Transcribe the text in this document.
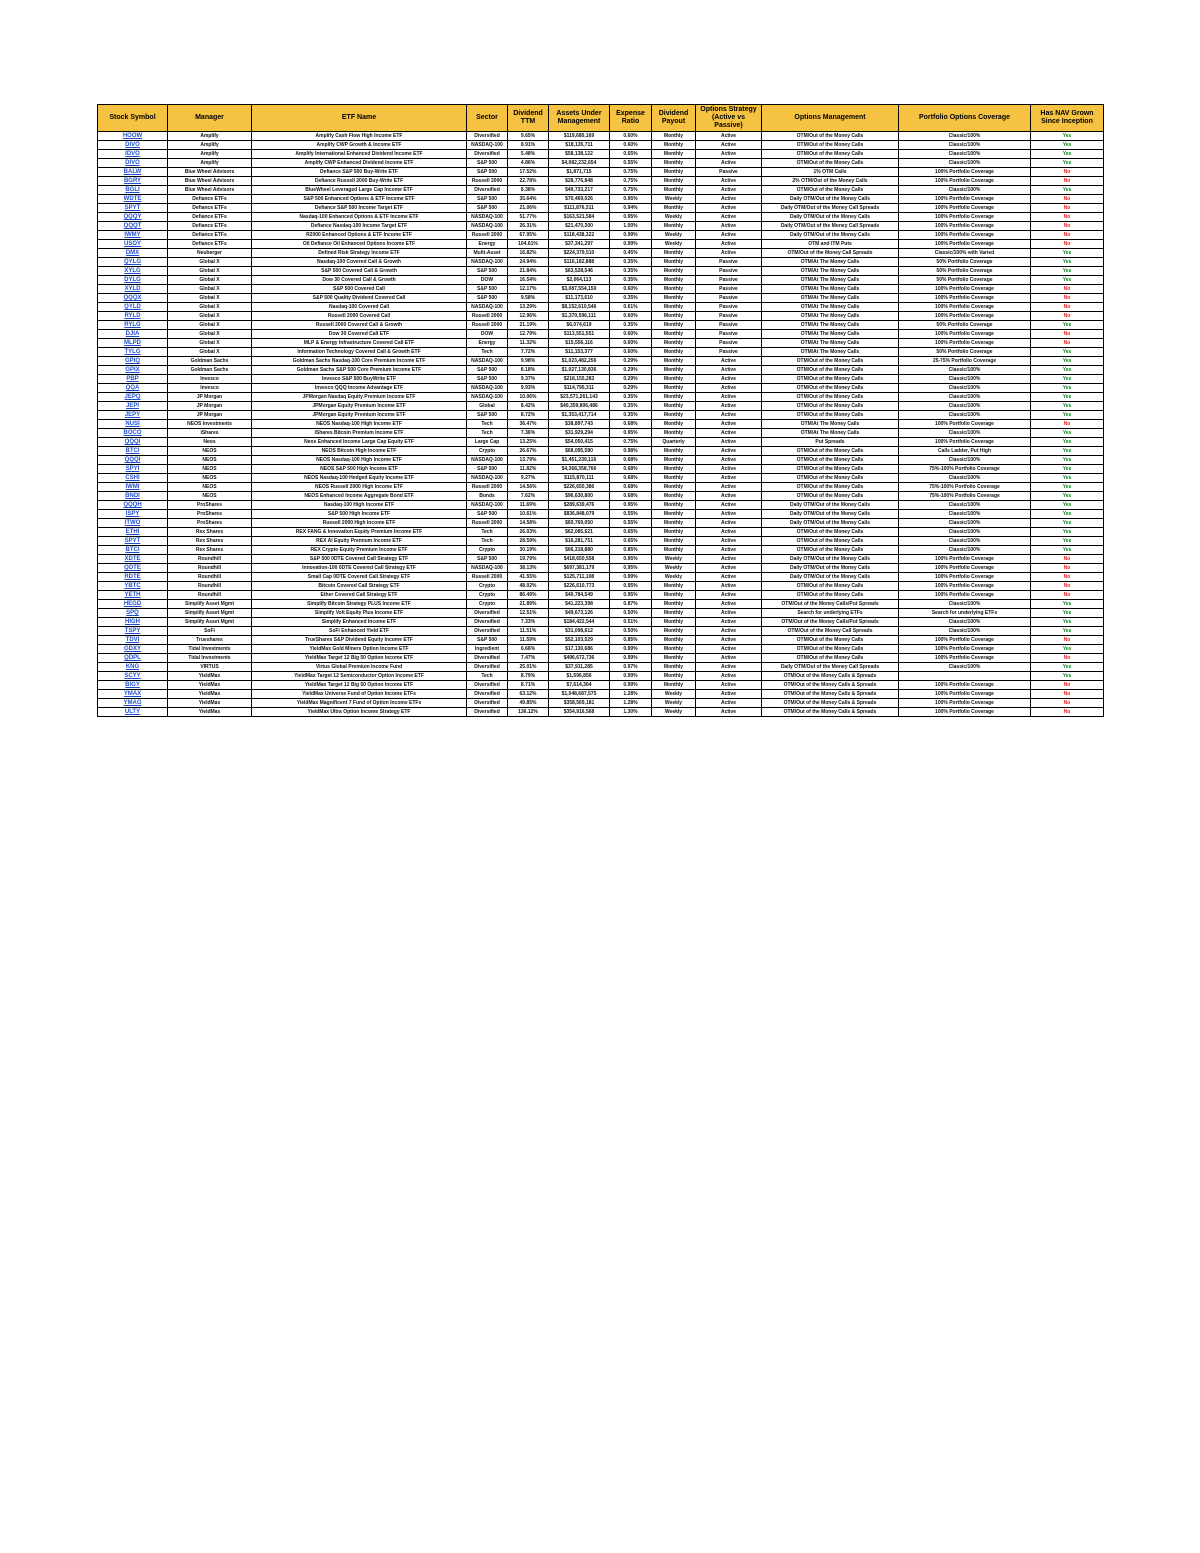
Stock Symbol	Manager	ETF Name	Sector	Dividend TTM	Assets Under Management	Expense Ratio	Dividend Payout	Options Strategy (Active vs Passive)	Options Management	Portfolio Options Coverage	Has NAV Grown Since Inception
HOOW	Amplify	Amplify Cash Flow High Income ETF	Diversified	9.65%	$119,680,169	0.60%	Monthly	Active	OTM/Out of the Money Calls	Classic/100%	Yes
DIVO	Amplify	Amplify CWP Growth & Income ETF	NASDAQ-100	8.91%	$18,135,711	0.60%	Monthly	Active	OTM/Out of the Money Calls	Classic/100%	Yes
IDVO	Amplify	Amplify International Enhanced Dividend Income ETF	Diversified	5.48%	$58,138,122	0.65%	Monthly	Active	OTM/Out of the Money Calls	Classic/100%	Yes
DIVO	Amplify	Amplify CWP Enhanced Dividend Income ETF	S&P 500	4.86%	$4,082,232,654	0.55%	Monthly	Active	OTM/Out of the Money Calls	Classic/100%	Yes
BALW	Blue Wheel Advisors	Defiance S&P 500 Buy-Write ETF	S&P 500	17.52%	$1,871,715	0.75%	Monthly	Passive	1% OTM Calls	100% Portfolio Coverage	No
BGRY	Blue Wheel Advisors	Defiance Russell 2000 Buy-Write ETF	Russell 2000	22.78%	$28,776,848	0.75%	Monthly	Active	2% OTM/Out of the Money Calls	100% Portfolio Coverage	No
BGLI	Blue Wheel Advisors	BlueWheel Leveraged Large Cap Income ETF	Diversified	8.38%	$49,733,217	0.75%	Monthly	Active	OTM/Out of the Money Calls	Classic/100%	Yes
WDTE	Defiance ETFs	S&P 500 Enhanced Options & ETF Income ETF	S&P 500	35.64%	$70,469,026	0.95%	Weekly	Active	Daily OTM/Out of the Money Calls	100% Portfolio Coverage	No
SPYT	Defiance ETFs	Defiance S&P 500 Income Target ETF	S&P 500	21.06%	$111,876,311	0.94%	Monthly	Active	Daily OTM/Out of the Money Call Spreads	100% Portfolio Coverage	No
QQQY	Defiance ETFs	Nasdaq-100 Enhanced Options & ETF Income ETF	NASDAQ-100	51.77%	$163,521,584	0.95%	Weekly	Active	Daily OTM/Out of the Money Calls	100% Portfolio Coverage	No
QQQT	Defiance ETFs	Defiance Nasdaq-100 Income Target ETF	NASDAQ-100	26.31%	$21,470,300	1.00%	Monthly	Active	Daily OTM/Out of the Money Call Spreads	100% Portfolio Coverage	No
IWMY	Defiance ETFs	R2000 Enhanced Options & ETF Income ETF	Russell 2000	67.95%	$118,438,322	0.99%	Weekly	Active	Daily OTM/Out of the Money Calls	100% Portfolio Coverage	No
USOY	Defiance ETFs	Oil Defiance Oil Enhanced Options Income ETF	Energy	104.61%	$37,341,297	0.99%	Weekly	Active	OTM and ITM Puts	100% Portfolio Coverage	No
DMX	Neuberger	Defined Risk Strategy Income ETF	Multi-Asset	16.82%	$224,379,510	0.45%	Monthly	Active	OTM/Out of the Money Call Spreads	Classic/100% with Varied	Yes
QYLG	Global X	Nasdaq-100 Covered Call & Growth	NASDAQ-100	24.94%	$116,182,888	0.35%	Monthly	Passive	OTM/At The Money Calls	50% Portfolio Coverage	Yes
XYLG	Global X	S&P 500 Covered Call & Growth	S&P 500	21.84%	$63,528,546	0.35%	Monthly	Passive	OTM/At The Money Calls	50% Portfolio Coverage	Yes
DYLG	Global X	Dow 30 Covered Call & Growth	DOW	16.54%	$2,064,113	0.35%	Monthly	Passive	OTM/At The Money Calls	50% Portfolio Coverage	Yes
XYLD	Global X	S&P 500 Covered Call	S&P 500	12.17%	$3,087,554,150	0.60%	Monthly	Passive	OTM/At The Money Calls	100% Portfolio Coverage	No
QQQX	Global X	S&P 500 Quality Dividend Covered Call	S&P 500	9.58%	$11,173,610	0.35%	Monthly	Passive	OTM/At The Money Calls	100% Portfolio Coverage	No
QYLD	Global X	Nasdaq-100 Covered Call	NASDAQ-100	13.29%	$8,152,610,546	0.61%	Monthly	Passive	OTM/At The Money Calls	100% Portfolio Coverage	No
RYLD	Global X	Russell 2000 Covered Call	Russell 2000	12.96%	$1,370,596,111	0.60%	Monthly	Passive	OTM/At The Money Calls	100% Portfolio Coverage	No
RYLG	Global X	Russell 2000 Covered Call & Growth	Russell 2000	21.19%	$6,074,619	0.35%	Monthly	Passive	OTM/At The Money Calls	50% Portfolio Coverage	Yes
DJIA	Global X	Dow 30 Covered Call ETF	DOW	12.79%	$113,551,551	0.60%	Monthly	Passive	OTM/At The Money Calls	100% Portfolio Coverage	No
MLPD	Global X	MLP & Energy Infrastructure Covered Call ETF	Energy	11.32%	$15,556,116	0.60%	Monthly	Passive	OTM/At The Money Calls	100% Portfolio Coverage	No
TYLG	Global X	Information Technology Covered Call & Growth ETF	Tech	7.72%	$11,153,377	0.60%	Monthly	Passive	OTM/At The Money Calls	50% Portfolio Coverage	Yes
GPIQ	Goldman Sachs	Goldman Sachs Nasdaq-100 Core Premium Income ETF	NASDAQ-100	9.98%	$1,023,482,256	0.29%	Monthly	Active	OTM/Out of the Money Calls	25-75% Portfolio Coverage	Yes
GPIX	Goldman Sachs	Goldman Sachs S&P 500 Core Premium Income ETF	S&P 500	8.18%	$1,027,130,836	0.29%	Monthly	Active	OTM/Out of the Money Calls	Classic/100%	Yes
PBP	Invesco	Invesco S&P 500 BuyWrite ETF	S&P 500	9.37%	$218,155,283	0.29%	Monthly	Active	OTM/Out of the Money Calls	Classic/100%	Yes
QQA	Invesco	Invesco QQQ Income Advantage ETF	NASDAQ-100	9.93%	$114,795,311	0.29%	Monthly	Active	OTM/Out of the Money Calls	Classic/100%	Yes
JEPQ	JP Morgan	JPMorgan Nasdaq Equity Premium Income ETF	NASDAQ-100	10.06%	$23,571,261,143	0.35%	Monthly	Active	OTM/Out of the Money Calls	Classic/100%	Yes
JEPI	JP Morgan	JPMorgan Equity Premium Income ETF	Global	8.42%	$40,359,806,486	0.35%	Monthly	Active	OTM/Out of the Money Calls	Classic/100%	Yes
JEPY	JP Morgan	JPMorgan Equity Premium Income ETF	S&P 500	8.72%	$1,353,417,714	0.35%	Monthly	Active	OTM/Out of the Money Calls	Classic/100%	Yes
NUSI	NEOS Investments	NEOS Nasdaq-100 High Income ETF	Tech	36.47%	$38,897,743	0.68%	Monthly	Active	OTM/At The Money Calls	100% Portfolio Coverage	No
BOCO	iShares	iShares Bitcoin Premium Income ETF	Tech	7.36%	$31,929,294	0.95%	Monthly	Active	OTM/At The Money Calls	Classic/100%	Yes
QQQI	Neos	Neos Enhanced Income Large Cap Equity ETF	Large Cap	13.25%	$54,050,415	0.75%	Quarterly	Active	Put Spreads	100% Portfolio Coverage	Yes
BTCI	NEOS	NEOS Bitcoin High Income ETF	Crypto	26.67%	$68,095,580	0.98%	Monthly	Active	OTM/Out of the Money Calls	Calls Ladder, Put High	Yes
QQQI	NEOS	NEOS Nasdaq-100 High Income ETF	NASDAQ-100	13.79%	$1,451,239,116	0.68%	Monthly	Active	OTM/Out of the Money Calls	Classic/100%	Yes
SPYI	NEOS	NEOS S&P 500 High Income ETF	S&P 500	11.82%	$4,368,358,766	0.68%	Monthly	Active	OTM/Out of the Money Calls	75%-100% Portfolio Coverage	Yes
CSHI	NEOS	NEOS Nasdaq-100 Hedged Equity Income ETF	NASDAQ-100	9.27%	$115,870,111	0.68%	Monthly	Active	OTM/Out of the Money Calls	Classic/100%	Yes
IWMI	NEOS	NEOS Russell 2000 High Income ETF	Russell 2000	14.56%	$226,650,386	0.68%	Monthly	Active	OTM/Out of the Money Calls	75%-100% Portfolio Coverage	Yes
BNDI	NEOS	NEOS Enhanced Income Aggregate Bond ETF	Bonds	7.62%	$96,630,800	0.68%	Monthly	Active	OTM/Out of the Money Calls	75%-100% Portfolio Coverage	Yes
QQQH	ProShares	Nasdaq-100 High Income ETF	NASDAQ-100	11.69%	$289,639,476	0.95%	Monthly	Active	Daily OTM/Out of the Money Calls	Classic/100%	Yes
ISPY	ProShares	S&P 500 High Income ETF	S&P 500	10.61%	$836,848,079	0.55%	Monthly	Active	Daily OTM/Out of the Money Calls	Classic/100%	Yes
ITWO	ProShares	Russell 2000 High Income ETF	Russell 2000	14.58%	$60,769,050	0.55%	Monthly	Active	Daily OTM/Out of the Money Calls	Classic/100%	Yes
ETHI	Rex Shares	REX FANG & Innovation Equity Premium Income ETF	Tech	26.03%	$62,085,621	0.65%	Monthly	Active	OTM/Out of the Money Calls	Classic/100%	Yes
SPYT	Rex Shares	REX AI Equity Premium Income ETF	Tech	28.59%	$16,281,751	0.65%	Monthly	Active	OTM/Out of the Money Calls	Classic/100%	Yes
BTCI	Rex Shares	REX Crypto Equity Premium Income ETF	Crypto	30.19%	$66,318,880	0.85%	Monthly	Active	OTM/Out of the Money Calls	Classic/100%	Yes
XDTE	Roundhill	S&P 500 0DTE Covered Call Strategy ETF	S&P 500	19.79%	$418,650,558	0.95%	Weekly	Active	Daily OTM/Out of the Money Calls	100% Portfolio Coverage	No
QDTE	Roundhill	Innovation-100 0DTE Covered Call Strategy ETF	NASDAQ-100	38.13%	$697,381,179	0.95%	Weekly	Active	Daily OTM/Out of the Money Calls	100% Portfolio Coverage	No
RDTE	Roundhill	Small Cap 0DTE Covered Call Strategy ETF	Russell 2000	41.55%	$125,711,108	0.99%	Weekly	Active	Daily OTM/Out of the Money Calls	100% Portfolio Coverage	No
YBTC	Roundhill	Bitcoin Covered Call Strategy ETF	Crypto	48.02%	$226,610,773	0.95%	Monthly	Active	OTM/Out of the Money Calls	100% Portfolio Coverage	No
YETH	Roundhill	Ether Covered Call Strategy ETF	Crypto	86.49%	$40,784,549	0.95%	Monthly	Active	OTM/Out of the Money Calls	100% Portfolio Coverage	No
HEGD	Simplify Asset Mgmt	Simplify Bitcoin Strategy PLUS Income ETF	Crypto	21.89%	$41,223,398	0.87%	Monthly	Active	OTM/Out of the Money Calls/Put Spreads	Classic/100%	Yes
SPQ	Simplify Asset Mgmt	Simplify Volt Equity Plus Income ETF	Diversified	12.51%	$49,673,126	0.50%	Monthly	Active	Search for underlying ETFs	Search for underlying ETFs	Yes
HIGH	Simplify Asset Mgmt	Simplify Enhanced Income ETF	Diversified	7.33%	$184,422,544	0.51%	Monthly	Active	OTM/Out of the Money Calls/Put Spreads	Classic/100%	Yes
TSPY	SoFi	SoFi Enhanced Yield ETF	Diversified	11.51%	$31,098,612	0.50%	Monthly	Active	OTM/Out of the Money Call Spreads	Classic/100%	Yes
TDVI	Trueshares	TrueShares S&P Dividend Equity Income ETF	S&P 500	11.59%	$52,103,529	0.85%	Monthly	Active	OTM/Out of the Money Calls	100% Portfolio Coverage	No
GDXY	Tidal Investments	YieldMax Gold Miners Option Income ETF	Ingredient	6.66%	$17,130,686	0.99%	Monthly	Active	OTM/Out of the Money Calls	100% Portfolio Coverage	Yes
QDPL	Tidal Investments	YieldMax Target 12 Big 50 Option Income ETF	Diversified	7.47%	$496,672,736	0.99%	Monthly	Active	OTM/Out of the Money Calls	100% Portfolio Coverage	No
KNG	VIRTUS	Virtus Global Premium Income Fund	Diversified	25.01%	$37,911,285	0.97%	Monthly	Active	Daily OTM/Out of the Money Call Spreads	Classic/100%	Yes
SCYY	YieldMax	YieldMax Target 12 Semiconductor Option Income ETF	Tech	8.79%	$1,596,856	0.99%	Monthly	Active	OTM/Out of the Money Calls & Spreads		Yes
BIGY	YieldMax	YieldMax Target 12 Big 50 Option Income ETF	Diversified	8.71%	$7,614,364	0.99%	Monthly	Active	OTM/Out of the Money Calls & Spreads	100% Portfolio Coverage	No
YMAX	YieldMax	YieldMax Universe Fund of Option Income ETFs	Diversified	63.12%	$1,048,687,575	1.28%	Weekly	Active	OTM/Out of the Money Calls & Spreads	100% Portfolio Coverage	No
YMAG	YieldMax	YieldMax Magnificent 7 Fund of Option Income ETFs	Diversified	49.85%	$358,569,181	1.28%	Weekly	Active	OTM/Out of the Money Calls & Spreads	100% Portfolio Coverage	No
ULTY	YieldMax	YieldMax Ultra Option Income Strategy ETF	Diversified	136.12%	$354,916,568	1.30%	Weekly	Active	OTM/Out of the Money Calls & Spreads	100% Portfolio Coverage	No
